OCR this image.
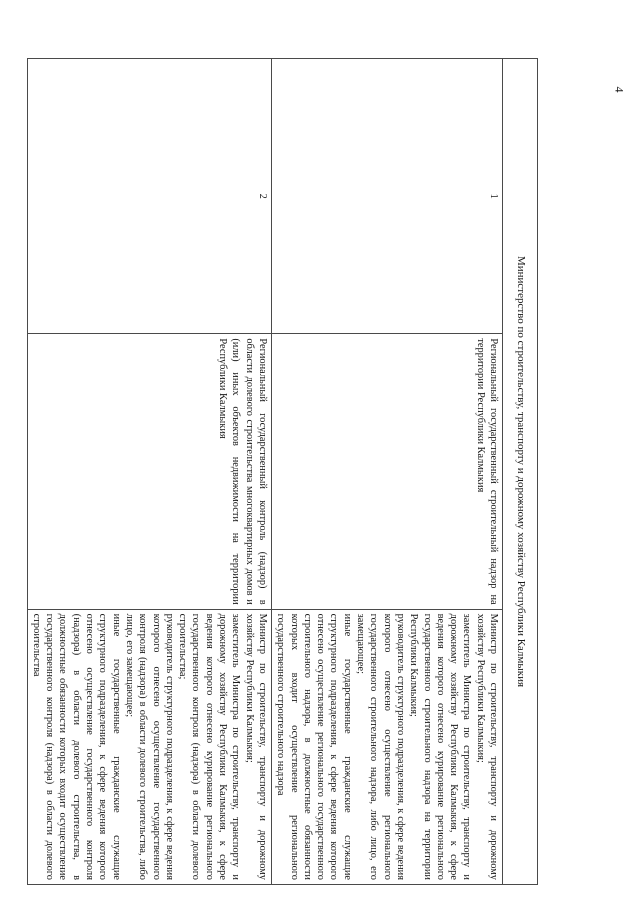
4
Министерство по строительству, транспорту и дорожному хозяйству Республики Калмыкия		
1	Региональный государственный строительный надзор на территории Республики Калмыкия	Министр по строительству, транспорту и дорожному хозяйству Республики Калмыкия;
заместитель Министра по строительству, транспорту и дорожному хозяйству Республики Калмыкия, к сфере ведения которого отнесено курирование регионального государственного строительного надзора на территории Республики Калмыкия;
руководитель структурного подразделения, к сфере ведения которого отнесено осуществление регионального государственного строительного надзора, либо лицо, его замещающее;
иные государственные гражданские служащие структурного подразделения, к сфере ведения которого отнесено осуществление регионального государственного строительного надзора, в должностные обязанности которых входит осуществление регионального государственного строительного надзора

2	Региональный государственный контроль (надзор) в области долевого строительства многоквартирных домов и (или) иных объектов недвижимости на территории Республики Калмыкия	Министр по строительству, транспорту и дорожному хозяйству Республики Калмыкия;
заместитель Министра по строительству, транспорту и дорожному хозяйству Республики Калмыкия, к сфере ведения которого отнесено курирование регионального государственного контроля (надзора) в области долевого строительства;
руководитель структурного подразделения, к сфере ведения которого отнесено осуществление государственного контроля (надзора) в области долевого строительства, либо лицо, его замещающее;
иные государственные гражданские служащие структурного подразделения, к сфере ведения которого отнесено осуществление государственного контроля (надзора) в области долевого строительства, в должностные обязанности которых входит осуществление государственного контроля (надзора) в области долевого строительства
